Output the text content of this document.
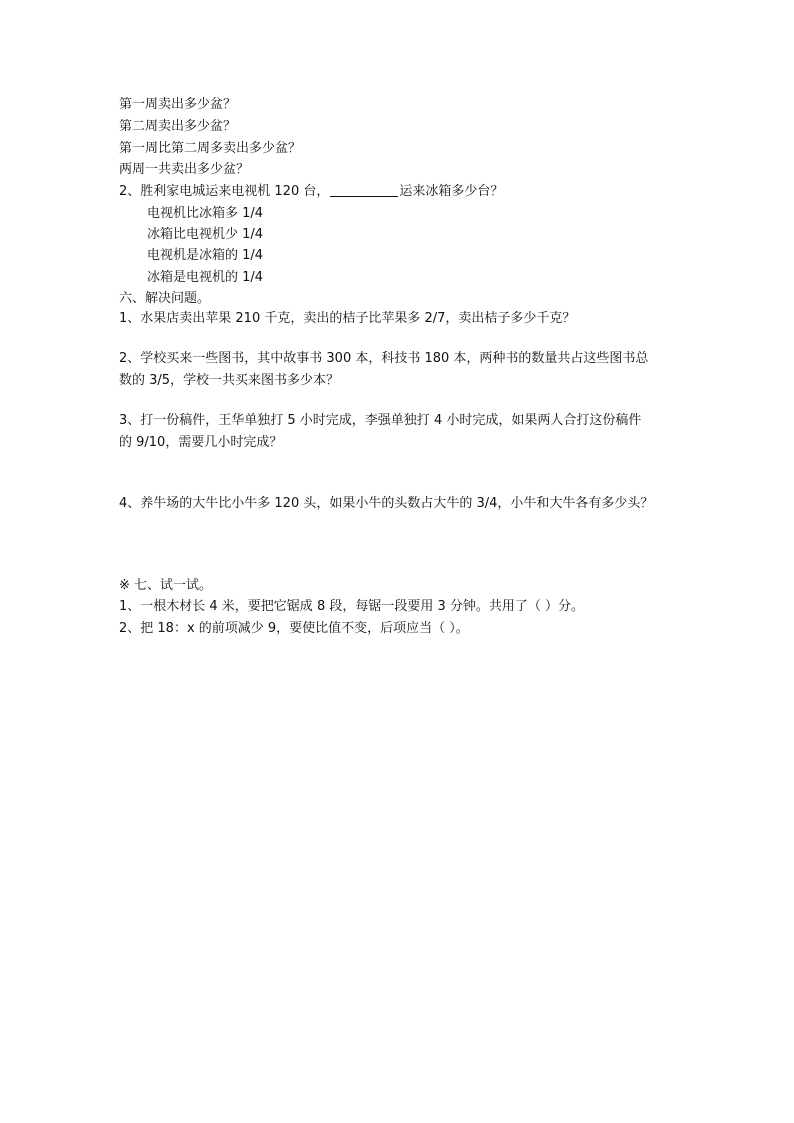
第一周卖出多少盆？
第二周卖出多少盆？
第一周比第二周多卖出多少盆？
两周一共卖出多少盆？
2、胜利家电城运来电视机 120 台，	运来冰箱多少台？
电视机比冰箱多 1/4
冰箱比电视机少 1/4
电视机是冰箱的 1/4
冰箱是电视机的 1/4
六、解决问题。
1、水果店卖出苹果 210 千克，卖出的桔子比苹果多 2/7，卖出桔子多少千克？
2、学校买来一些图书，其中故事书 300 本，科技书 180 本，两种书的数量共占这些图书总
数的 3/5，学校一共买来图书多少本？
3、打一份稿件，王华单独打 5 小时完成，李强单独打 4 小时完成，如果两人合打这份稿件
的 9/10，需要几小时完成？
4、养牛场的大牛比小牛多 120 头，如果小牛的头数占大牛的 3/4，小牛和大牛各有多少头？
※ 七、试一试。
1、一根木材长 4 米，要把它锯成 8 段，每锯一段要用 3 分钟。共用了（ ）分。
2、把 18：x 的前项减少 9，要使比值不变，后项应当（ ）。
